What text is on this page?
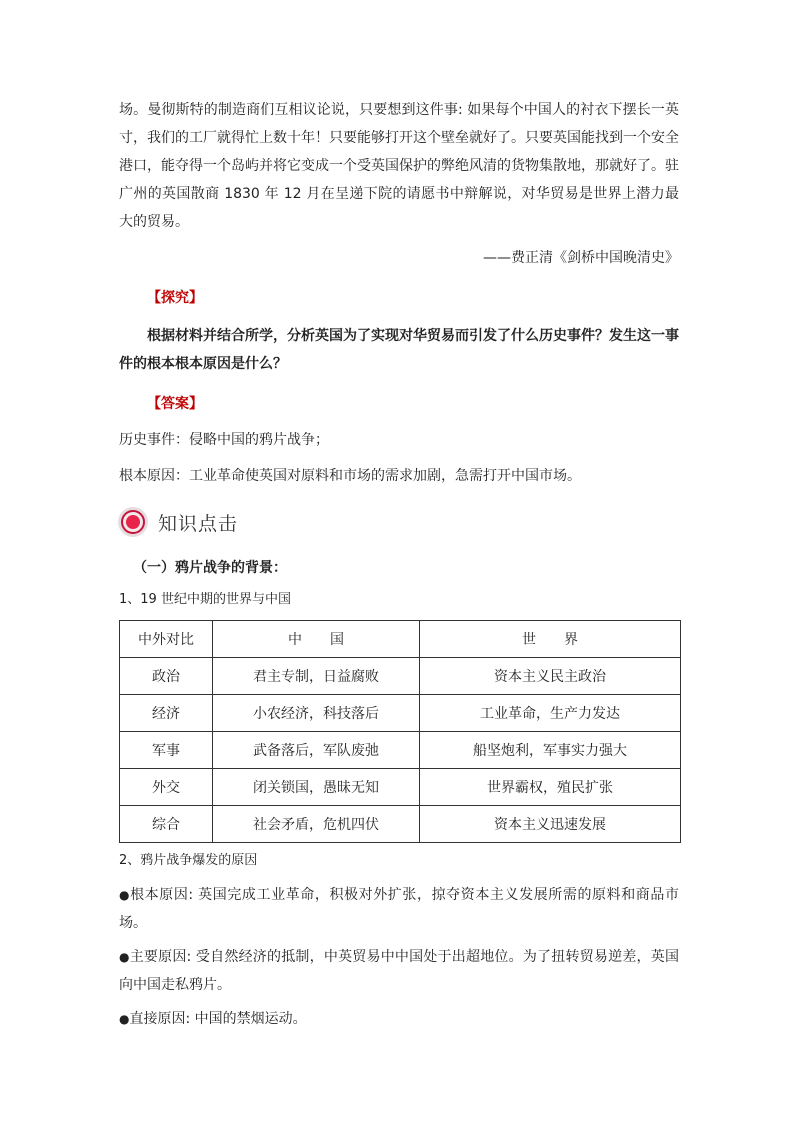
场。曼彻斯特的制造商们互相议论说，只要想到这件事: 如果每个中国人的衬衣下摆长一英寸，我们的工厂就得忙上数十年！只要能够打开这个壁垒就好了。只要英国能找到一个安全港口，能夺得一个岛屿并将它变成一个受英国保护的弊绝风清的货物集散地，那就好了。驻广州的英国散商 1830 年 12 月在呈递下院的请愿书中辩解说，对华贸易是世界上潜力最大的贸易。

——费正清《剑桥中国晚清史》
【探究】
根据材料并结合所学，分析英国为了实现对华贸易而引发了什么历史事件？发生这一事件的根本根本原因是什么？
【答案】
历史事件：侵略中国的鸦片战争；
根本原因：工业革命使英国对原料和市场的需求加剧，急需打开中国市场。
知识点击
（一）鸦片战争的背景：
1、19 世纪中期的世界与中国
中外对比	中　　国	世　　界
政治	君主专制，日益腐败	资本主义民主政治
经济	小农经济，科技落后	工业革命，生产力发达
军事	武备落后，军队废弛	船坚炮利，军事实力强大
外交	闭关锁国，愚昧无知	世界霸权，殖民扩张
综合	社会矛盾，危机四伏	资本主义迅速发展
2、鸦片战争爆发的原因
●根本原因: 英国完成工业革命，积极对外扩张，掠夺资本主义发展所需的原料和商品市场。
●主要原因: 受自然经济的抵制，中英贸易中中国处于出超地位。为了扭转贸易逆差，英国向中国走私鸦片。
●直接原因: 中国的禁烟运动。
